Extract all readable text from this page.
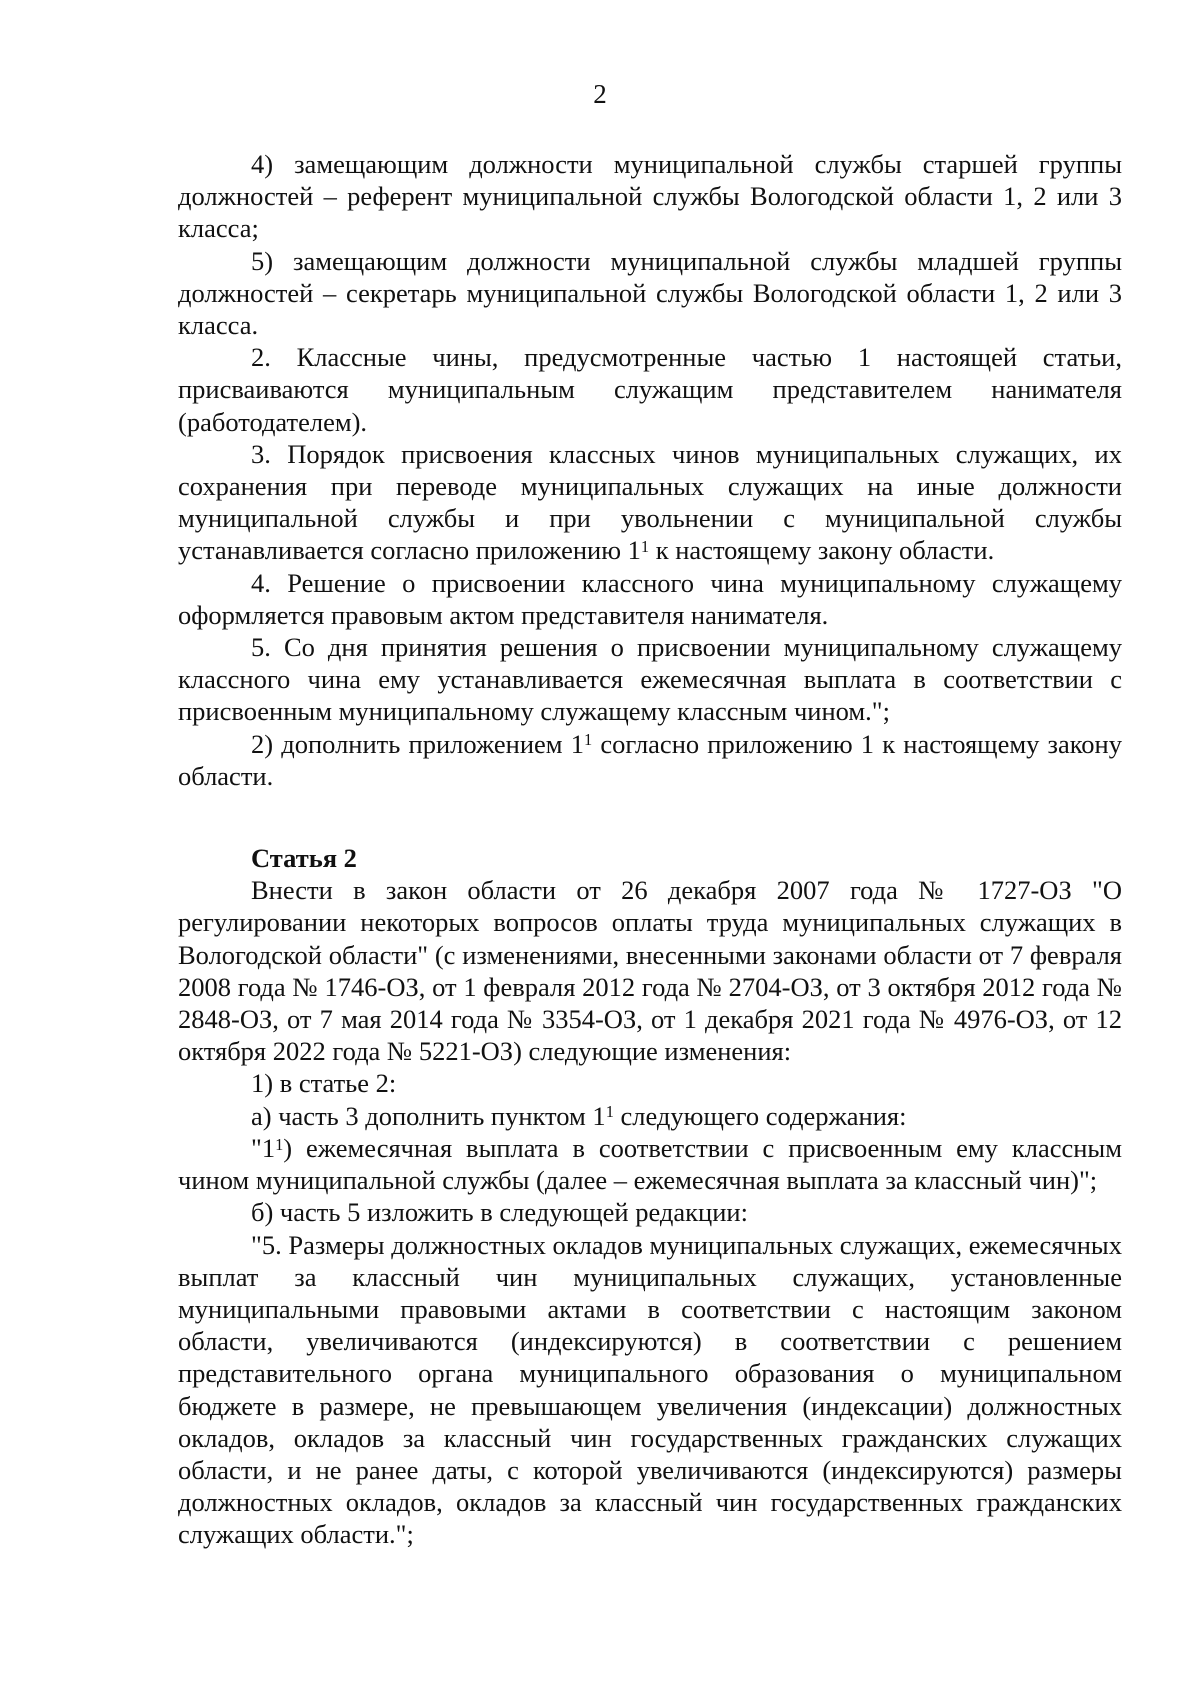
2

4) замещающим должности муниципальной службы старшей группы должностей – референт муниципальной службы Вологодской области 1, 2 или 3 класса;

5) замещающим должности муниципальной службы младшей группы должностей – секретарь муниципальной службы Вологодской области 1, 2 или 3 класса.

2. Классные чины, предусмотренные частью 1 настоящей статьи, присваиваются муниципальным служащим представителем нанимателя (работодателем).

3. Порядок присвоения классных чинов муниципальных служащих, их сохранения при переводе муниципальных служащих на иные должности муниципальной службы и при увольнении с муниципальной службы устанавливается согласно приложению $1^1$ к настоящему закону области.

4. Решение о присвоении классного чина муниципальному служащему оформляется правовым актом представителя нанимателя.

5. Со дня принятия решения о присвоении муниципальному служащему классного чина ему устанавливается ежемесячная выплата в соответствии с присвоенным муниципальному служащему классным чином.";

2) дополнить приложением $1^1$ согласно приложению 1 к настоящему закону области.

Статья 2

Внести в закон области от 26 декабря 2007 года № 1727-ОЗ "О регулировании некоторых вопросов оплаты труда муниципальных служащих в Вологодской области" (с изменениями, внесенными законами области от 7 февраля 2008 года № 1746-ОЗ, от 1 февраля 2012 года № 2704-ОЗ, от 3 октября 2012 года № 2848-ОЗ, от 7 мая 2014 года № 3354-ОЗ, от 1 декабря 2021 года № 4976-ОЗ, от 12 октября 2022 года № 5221-ОЗ) следующие изменения:

1) в статье 2:

а) часть 3 дополнить пунктом $1^1$ следующего содержания:

"$1^1$) ежемесячная выплата в соответствии с присвоенным ему классным чином муниципальной службы (далее – ежемесячная выплата за классный чин)";

б) часть 5 изложить в следующей редакции:

"5. Размеры должностных окладов муниципальных служащих, ежемесячных выплат за классный чин муниципальных служащих, установленные муниципальными правовыми актами в соответствии с настоящим законом области, увеличиваются (индексируются) в соответствии с решением представительного органа муниципального образования о муниципальном бюджете в размере, не превышающем увеличения (индексации) должностных окладов, окладов за классный чин государственных гражданских служащих области, и не ранее даты, с которой увеличиваются (индексируются) размеры должностных окладов, окладов за классный чин государственных гражданских служащих области.";
